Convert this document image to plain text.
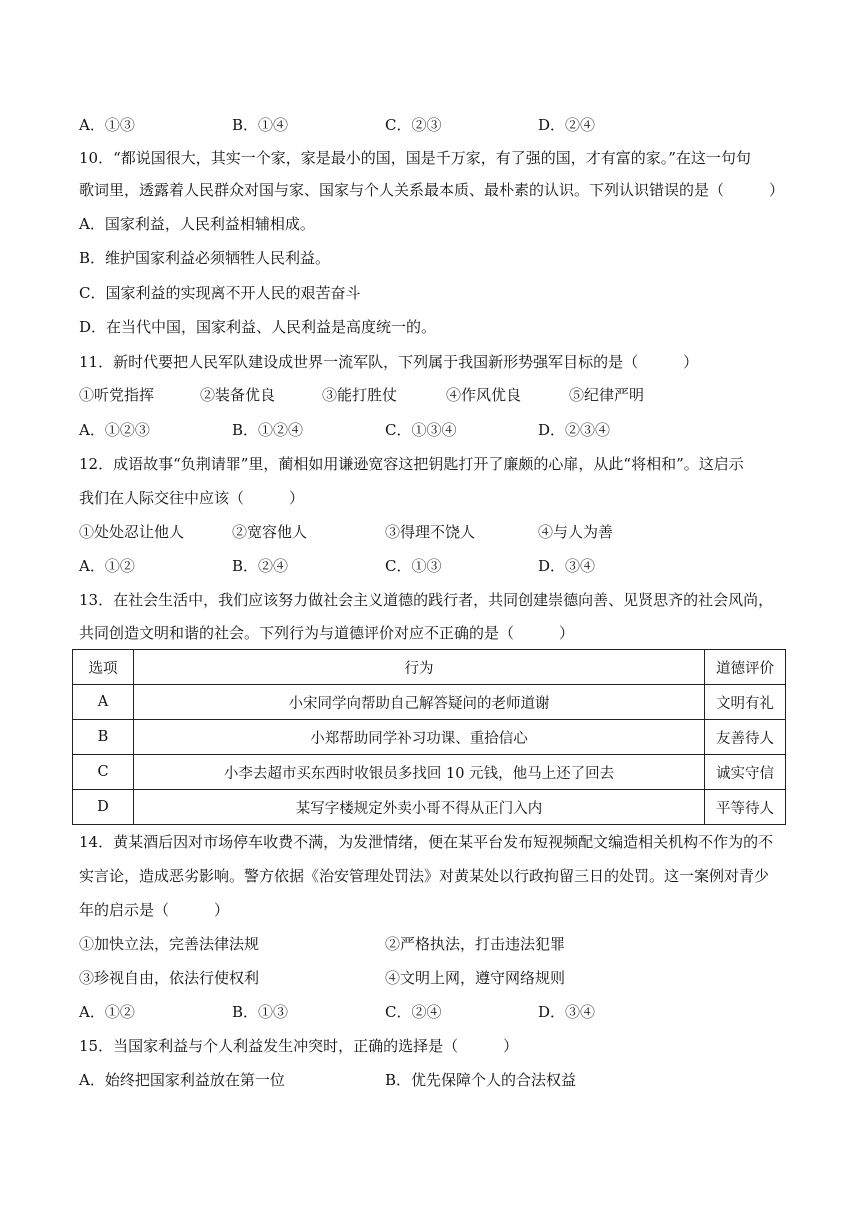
A．①③	B．①④	C．②③	D．②④
10．“都说国很大，其实一个家，家是最小的国，国是千万家，有了强的国，才有富的家。”在这一句句
歌词里，透露着人民群众对国与家、国家与个人关系最本质、最朴素的认识。下列认识错误的是（　　　）
A．国家利益，人民利益相辅相成。
B．维护国家利益必须牺牲人民利益。
C．国家利益的实现离不开人民的艰苦奋斗
D．在当代中国，国家利益、人民利益是高度统一的。
11．新时代要把人民军队建设成世界一流军队，下列属于我国新形势强军目标的是（　　　）
①听党指挥	②装备优良	③能打胜仗	④作风优良	⑤纪律严明
A．①②③	B．①②④	C．①③④	D．②③④
12．成语故事“负荆请罪”里，蔺相如用谦逊宽容这把钥匙打开了廉颇的心扉，从此“将相和”。这启示
我们在人际交往中应该（　　　）
①处处忍让他人	②宽容他人	③得理不饶人	④与人为善
A．①②	B．②④	C．①③	D．③④
13．在社会生活中，我们应该努力做社会主义道德的践行者，共同创建崇德向善、见贤思齐的社会风尚，
共同创造文明和谐的社会。下列行为与道德评价对应不正确的是（　　　）
选项	行为	道德评价
A	小宋同学向帮助自己解答疑问的老师道谢	文明有礼
B	小郑帮助同学补习功课、重拾信心	友善待人
C	小李去超市买东西时收银员多找回 10 元钱，他马上还了回去	诚实守信
D	某写字楼规定外卖小哥不得从正门入内	平等待人
14．黄某酒后因对市场停车收费不满，为发泄情绪，便在某平台发布短视频配文编造相关机构不作为的不
实言论，造成恶劣影响。警方依据《治安管理处罚法》对黄某处以行政拘留三日的处罚。这一案例对青少
年的启示是（　　　）
①加快立法，完善法律法规	②严格执法，打击违法犯罪
③珍视自由，依法行使权利	④文明上网，遵守网络规则
A．①②	B．①③	C．②④	D．③④
15．当国家利益与个人利益发生冲突时，正确的选择是（　　　）
A．始终把国家利益放在第一位	B．优先保障个人的合法权益
